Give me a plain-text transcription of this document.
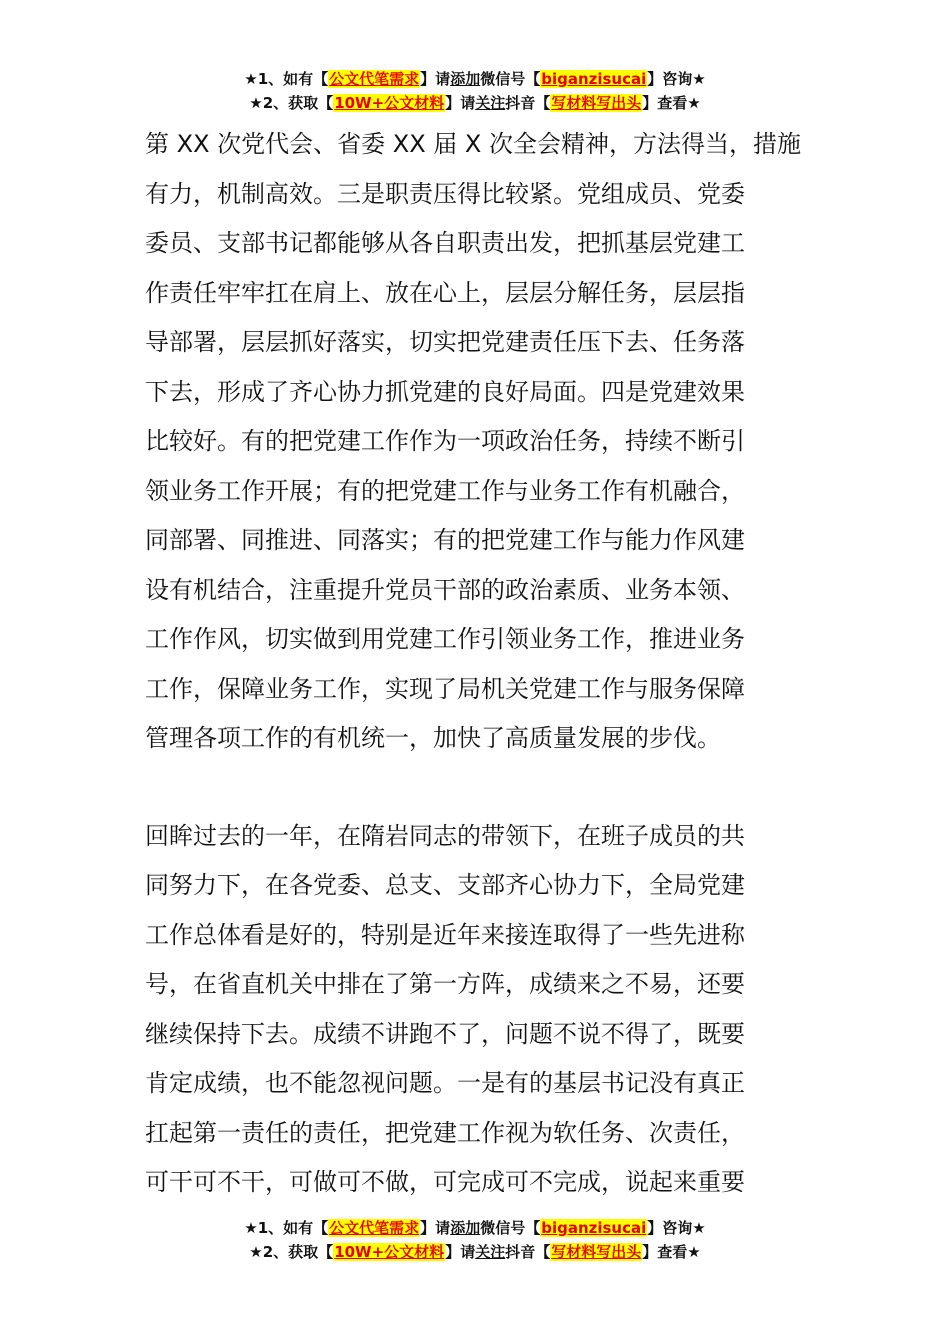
★1、如有【公文代笔需求】请添加微信号【biganzisucai】咨询★
★2、获取【10W+公文材料】请关注抖音【写材料写出头】查看★
第 XX 次党代会、省委 XX 届 X 次全会精神，方法得当，措施
有力，机制高效。三是职责压得比较紧。党组成员、党委
委员、支部书记都能够从各自职责出发，把抓基层党建工
作责任牢牢扛在肩上、放在心上，层层分解任务，层层指
导部署，层层抓好落实，切实把党建责任压下去、任务落
下去，形成了齐心协力抓党建的良好局面。四是党建效果
比较好。有的把党建工作作为一项政治任务，持续不断引
领业务工作开展；有的把党建工作与业务工作有机融合，
同部署、同推进、同落实；有的把党建工作与能力作风建
设有机结合，注重提升党员干部的政治素质、业务本领、
工作作风，切实做到用党建工作引领业务工作，推进业务
工作，保障业务工作，实现了局机关党建工作与服务保障
管理各项工作的有机统一，加快了高质量发展的步伐。
回眸过去的一年，在隋岩同志的带领下，在班子成员的共
同努力下，在各党委、总支、支部齐心协力下，全局党建
工作总体看是好的，特别是近年来接连取得了一些先进称
号，在省直机关中排在了第一方阵，成绩来之不易，还要
继续保持下去。成绩不讲跑不了，问题不说不得了，既要
肯定成绩，也不能忽视问题。一是有的基层书记没有真正
扛起第一责任的责任，把党建工作视为软任务、次责任，
可干可不干，可做可不做，可完成可不完成，说起来重要
★1、如有【公文代笔需求】请添加微信号【biganzisucai】咨询★
★2、获取【10W+公文材料】请关注抖音【写材料写出头】查看★
